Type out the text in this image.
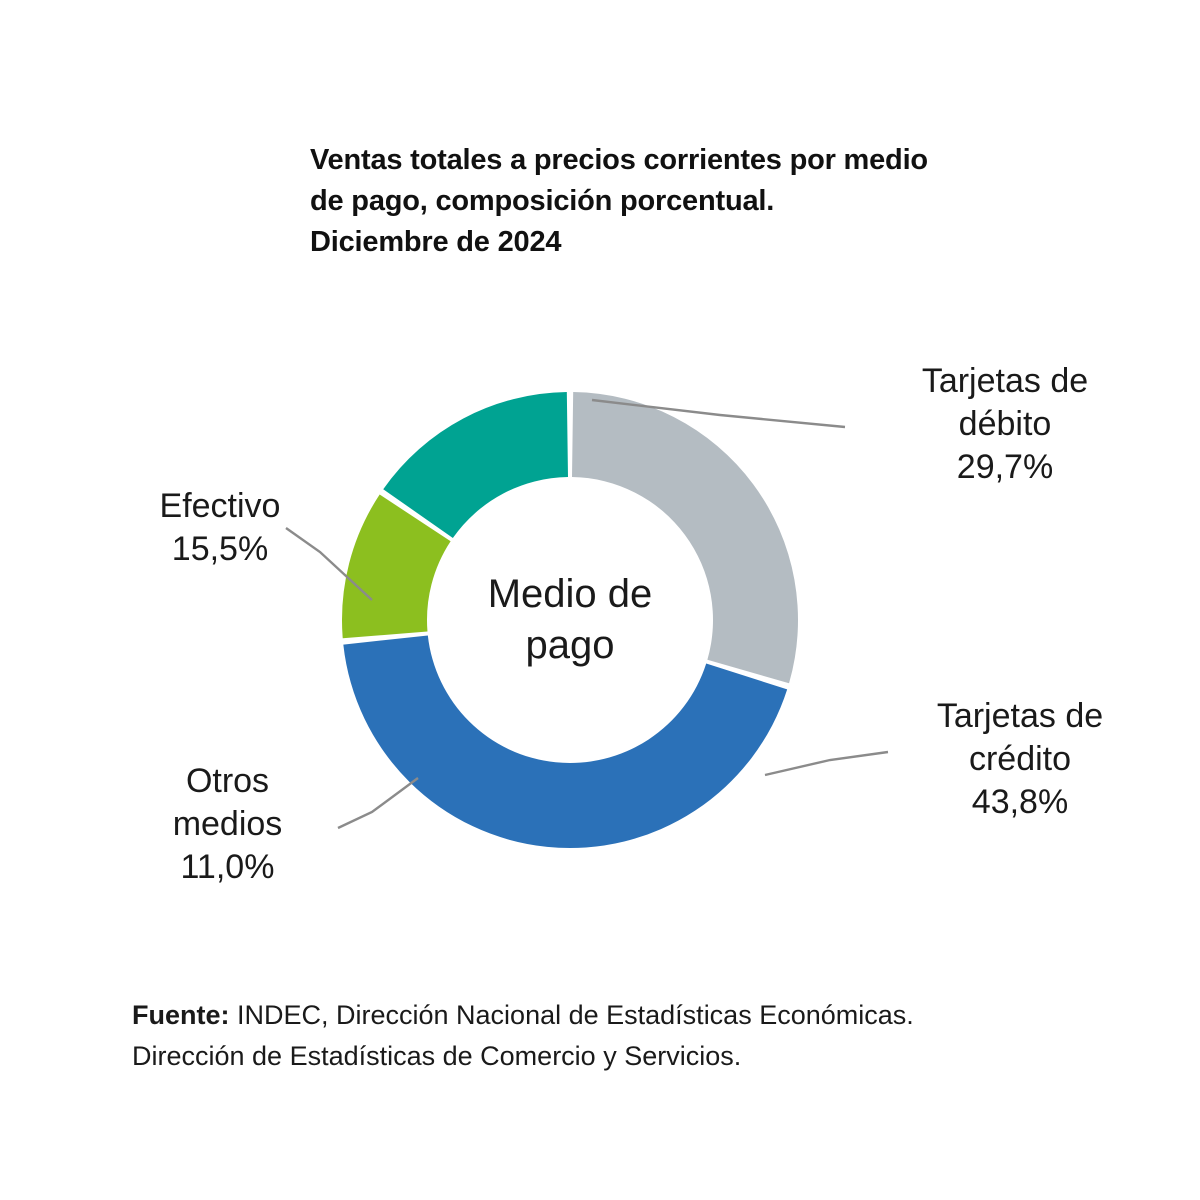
Ventas totales a precios corrientes por medio
de pago, composición porcentual.
Diciembre de 2024
Medio de
pago
Tarjetas de
débito
29,7%
Tarjetas de
crédito
43,8%
Efectivo
15,5%
Otros
medios
11,0%
Fuente: INDEC, Dirección Nacional de Estadísticas Económicas.
Dirección de Estadísticas de Comercio y Servicios.
